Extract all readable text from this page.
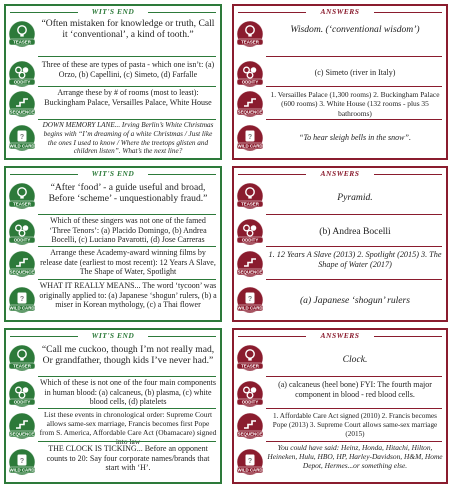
WIT'S END
TEASER
“Often mistaken for knowledge or truth, Call it ‘conventional’, a kind of tooth.”
ODDITY
Three of these are types of pasta - which one isn’t: (a) Orzo, (b) Capellini, (c) Simeto, (d) Farfalle
SEQUENCE
Arrange these by # of rooms (most to least): Buckingham Palace, Versailles Palace, White House
?
WILD CARD
DOWN MEMORY LANE... Irving Berlin’s White Christmas begins with “I’m dreaming of a white Christmas / Just like the ones I used to know / Where the treetops glisten and children listen”. What’s the next line?
ANSWERS
TEASER
Wisdom. (‘conventional wisdom’)
ODDITY
(c) Simeto (river in Italy)
SEQUENCE
1. Versailles Palace (1,300 rooms) 2. Buckingham Palace (600 rooms) 3. White House (132 rooms - plus 35 bathrooms)
?
WILD CARD
“To hear sleigh bells in the snow”.
WIT'S END
TEASER
“After ‘food’ - a guide useful and broad, Before ‘scheme’ - unquestionably fraud.”
ODDITY
Which of these singers was not one of the famed ‘Three Tenors’: (a) Placido Domingo, (b) Andrea Bocelli, (c) Luciano Pavarotti, (d) Jose Carreras
SEQUENCE
Arrange these Academy-award winning films by release date (earliest to most recent): 12 Years A Slave, The Shape of Water, Spotlight
?
WILD CARD
WHAT IT REALLY MEANS... The word ‘tycoon’ was originally applied to: (a) Japanese ‘shogun’ rulers, (b) a miser in Korean mythology, (c) a Thai flower
ANSWERS
TEASER
Pyramid.
ODDITY
(b) Andrea Bocelli
SEQUENCE
1. 12 Years A Slave (2013) 2. Spotlight (2015) 3. The Shape of Water (2017)
?
WILD CARD
(a) Japanese ‘shogun’ rulers
WIT'S END
TEASER
“Call me cuckoo, though I’m not really mad, Or grandfather, though kids I’ve never had.”
ODDITY
Which of these is not one of the four main components in human blood: (a) calcaneus, (b) plasma, (c) white blood cells, (d) platelets
SEQUENCE
List these events in chronological order: Supreme Court allows same-sex marriage, Francis becomes first Pope from S. America, Affordable Care Act (Obamacare) signed
?
WILD CARD
THE CLOCK IS TICKING... Before an opponent counts to 20: Say four corporate names/brands that start with ‘H’.
ANSWERS
TEASER
Clock.
ODDITY
(a) calcaneus (heel bone) FYI: The fourth major component in blood - red blood cells.
SEQUENCE
1. Affordable Care Act signed (2010) 2. Francis becomes Pope (2013) 3. Supreme Court allows same-sex marriage (2015)
?
WILD CARD
You could have said: Heinz, Honda, Hitachi, Hilton, Heineken, Hulu, HBO, HP, Harley-Davidson, H&M, Home Depot, Hermes...or something else.
